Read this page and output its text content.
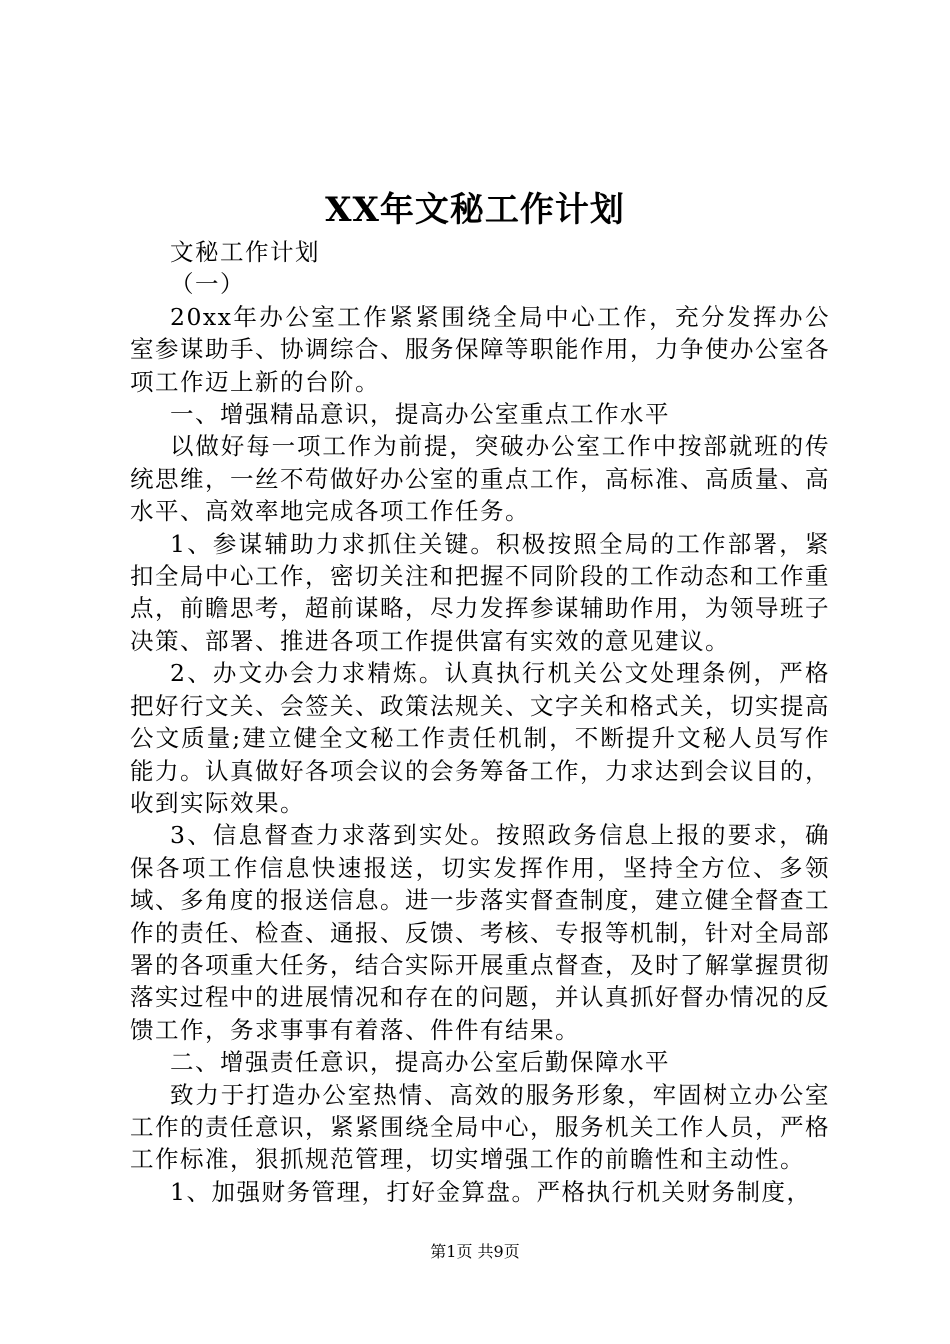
XX年文秘工作计划

文秘工作计划

（一）

20xx年办公室工作紧紧围绕全局中心工作，充分发挥办公室参谋助手、协调综合、服务保障等职能作用，力争使办公室各项工作迈上新的台阶。

一、增强精品意识，提高办公室重点工作水平

以做好每一项工作为前提，突破办公室工作中按部就班的传统思维，一丝不苟做好办公室的重点工作，高标准、高质量、高水平、高效率地完成各项工作任务。

1、参谋辅助力求抓住关键。积极按照全局的工作部署，紧扣全局中心工作，密切关注和把握不同阶段的工作动态和工作重点，前瞻思考，超前谋略，尽力发挥参谋辅助作用，为领导班子决策、部署、推进各项工作提供富有实效的意见建议。

2、办文办会力求精炼。认真执行机关公文处理条例，严格把好行文关、会签关、政策法规关、文字关和格式关，切实提高公文质量;建立健全文秘工作责任机制，不断提升文秘人员写作能力。认真做好各项会议的会务筹备工作，力求达到会议目的，收到实际效果。

3、信息督查力求落到实处。按照政务信息上报的要求，确保各项工作信息快速报送，切实发挥作用，坚持全方位、多领域、多角度的报送信息。进一步落实督查制度，建立健全督查工作的责任、检查、通报、反馈、考核、专报等机制，针对全局部署的各项重大任务，结合实际开展重点督查，及时了解掌握贯彻落实过程中的进展情况和存在的问题，并认真抓好督办情况的反馈工作，务求事事有着落、件件有结果。

二、增强责任意识，提高办公室后勤保障水平

致力于打造办公室热情、高效的服务形象，牢固树立办公室工作的责任意识，紧紧围绕全局中心，服务机关工作人员，严格工作标准，狠抓规范管理，切实增强工作的前瞻性和主动性。

1、加强财务管理，打好金算盘。严格执行机关财务制度，

第1页 共9页
